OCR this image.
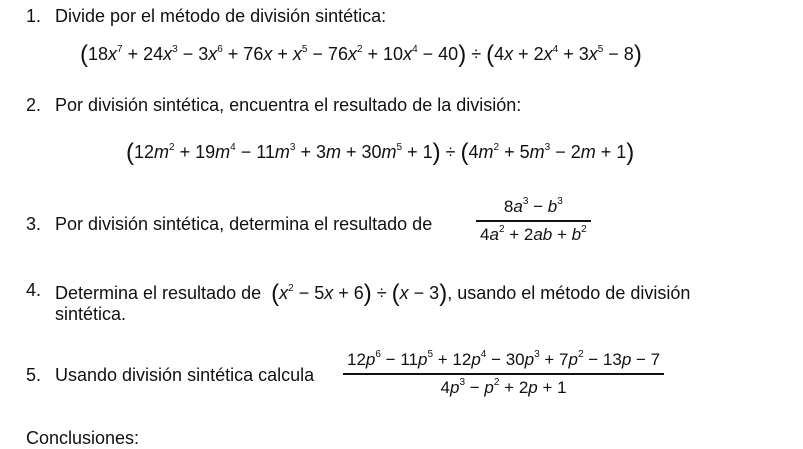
1. Divide por el método de división sintética:
$(18x^7 + 24x^3 - 3x^6 + 76x + x^5 - 76x^2 + 10x^4 - 40) \div (4x + 2x^4 + 3x^5 - 8)$
2. Por división sintética, encuentra el resultado de la división:
$(12m^2 + 19m^4 - 11m^3 + 3m + 30m^5 + 1) \div (4m^2 + 5m^3 - 2m + 1)$
3. Por división sintética, determina el resultado de
$8a^3 - b^3$
$4a^2 + 2ab + b^2$
4. Determina el resultado de $(x^2 - 5x + 6) \div (x - 3)$, usando el método de división
sintética.
5. Usando división sintética calcula
$12p^6 - 11p^5 + 12p^4 - 30p^3 + 7p^2 - 13p - 7$
$4p^3 - p^2 + 2p + 1$
Conclusiones:
